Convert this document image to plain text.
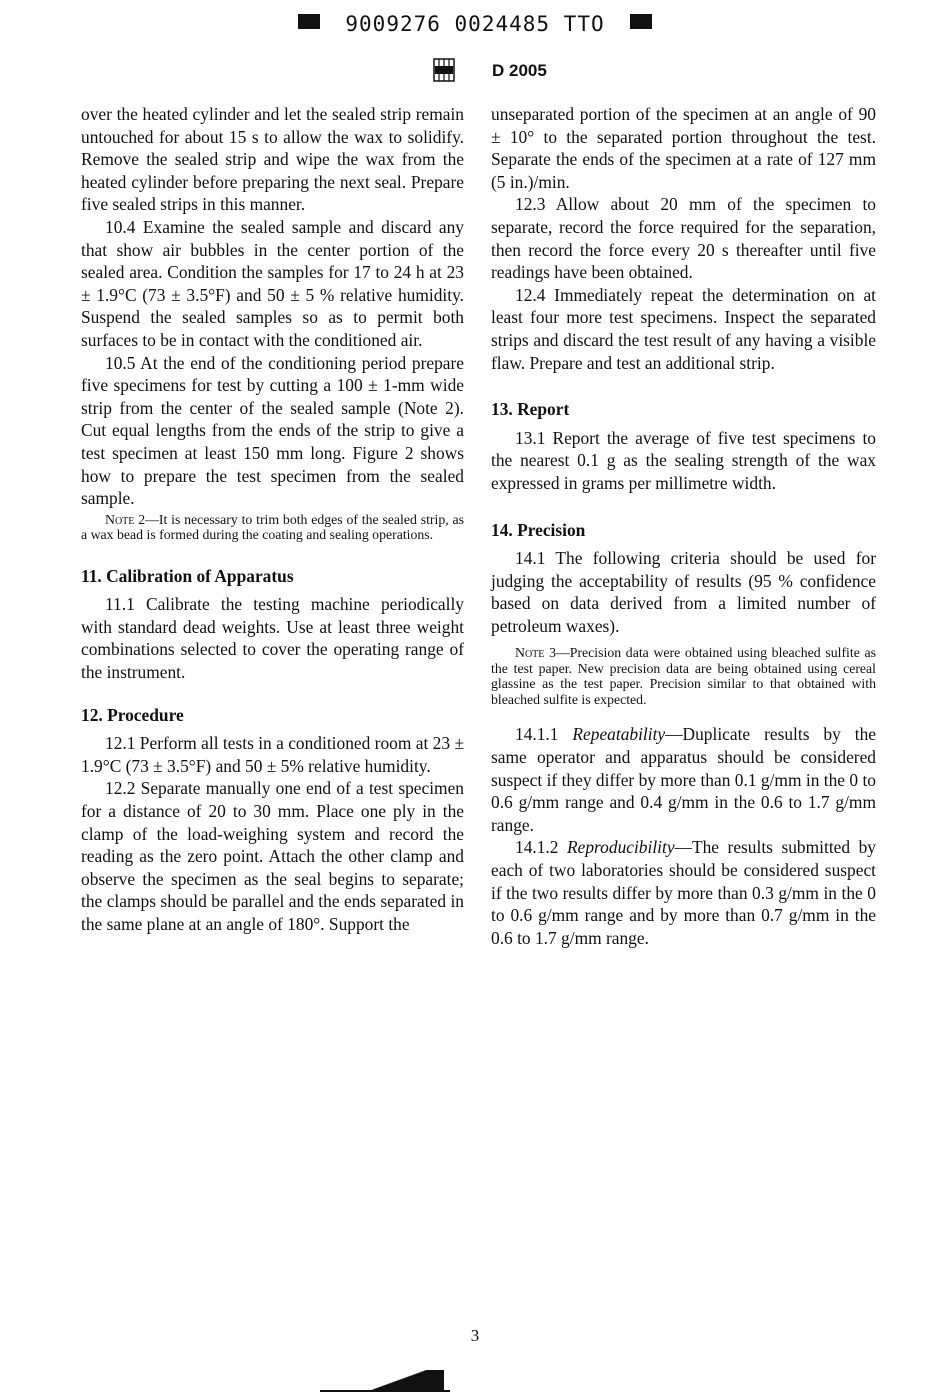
9009276 0024485 TTO
D 2005

over the heated cylinder and let the sealed strip remain untouched for about 15 s to allow the wax to solidify. Remove the sealed strip and wipe the wax from the heated cylinder before preparing the next seal. Prepare five sealed strips in this manner.

10.4 Examine the sealed sample and discard any that show air bubbles in the center portion of the sealed area. Condition the samples for 17 to 24 h at 23 ± 1.9°C (73 ± 3.5°F) and 50 ± 5 % relative humidity. Suspend the sealed samples so as to permit both surfaces to be in contact with the conditioned air.

10.5 At the end of the conditioning period prepare five specimens for test by cutting a 100 ± 1-mm wide strip from the center of the sealed sample (Note 2). Cut equal lengths from the ends of the strip to give a test specimen at least 150 mm long. Figure 2 shows how to prepare the test specimen from the sealed sample.

Note 2—It is necessary to trim both edges of the sealed strip, as a wax bead is formed during the coating and sealing operations.

11. Calibration of Apparatus

11.1 Calibrate the testing machine periodically with standard dead weights. Use at least three weight combinations selected to cover the operating range of the instrument.

12. Procedure

12.1 Perform all tests in a conditioned room at 23 ± 1.9°C (73 ± 3.5°F) and 50 ± 5% relative humidity.

12.2 Separate manually one end of a test specimen for a distance of 20 to 30 mm. Place one ply in the clamp of the load-weighing system and record the reading as the zero point. Attach the other clamp and observe the specimen as the seal begins to separate; the clamps should be parallel and the ends separated in the same plane at an angle of 180°. Support the

unseparated portion of the specimen at an angle of 90 ± 10° to the separated portion throughout the test. Separate the ends of the specimen at a rate of 127 mm (5 in.)/min.

12.3 Allow about 20 mm of the specimen to separate, record the force required for the separation, then record the force every 20 s thereafter until five readings have been obtained.

12.4 Immediately repeat the determination on at least four more test specimens. Inspect the separated strips and discard the test result of any having a visible flaw. Prepare and test an additional strip.

13. Report

13.1 Report the average of five test specimens to the nearest 0.1 g as the sealing strength of the wax expressed in grams per millimetre width.

14. Precision

14.1 The following criteria should be used for judging the acceptability of results (95 % confidence based on data derived from a limited number of petroleum waxes).

Note 3—Precision data were obtained using bleached sulfite as the test paper. New precision data are being obtained using cereal glassine as the test paper. Precision similar to that obtained with bleached sulfite is expected.

14.1.1 Repeatability—Duplicate results by the same operator and apparatus should be considered suspect if they differ by more than 0.1 g/mm in the 0 to 0.6 g/mm range and 0.4 g/mm in the 0.6 to 1.7 g/mm range.

14.1.2 Reproducibility—The results submitted by each of two laboratories should be considered suspect if the two results differ by more than 0.3 g/mm in the 0 to 0.6 g/mm range and by more than 0.7 g/mm in the 0.6 to 1.7 g/mm range.

3
